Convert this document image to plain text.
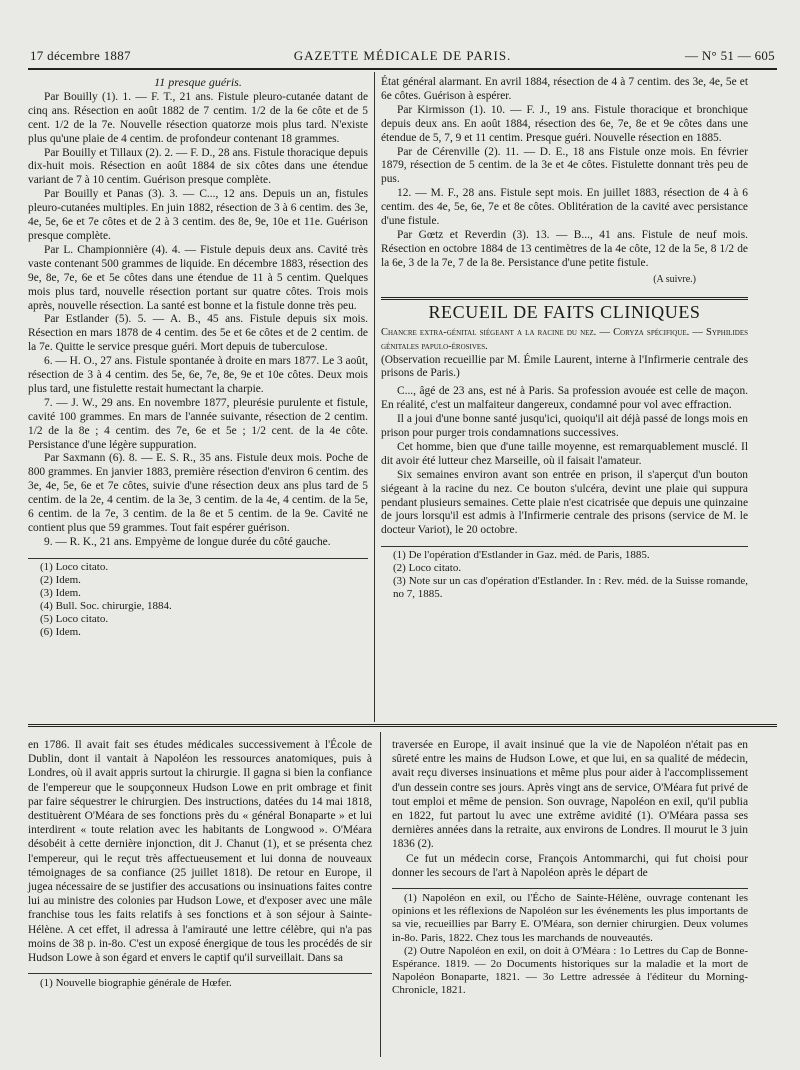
17 décembre 1887	GAZETTE MÉDICALE DE PARIS.	— N° 51 — 605
11 presque guéris.

Par Bouilly (1). 1. — F. T., 21 ans. Fistule pleuro-cutanée datant de cinq ans. Résection en août 1882 de 7 centim. 1/2 de la 6e côte et de 5 cent. 1/2 de la 7e. Nouvelle résection quatorze mois plus tard. N'existe plus qu'une plaie de 4 centim. de profondeur contenant 18 grammes.

Par Bouilly et Tillaux (2). 2. — F. D., 28 ans. Fistule thoracique depuis dix-huit mois. Résection en août 1884 de six côtes dans une étendue variant de 7 à 10 centim. Guérison presque complète.

Par Bouilly et Panas (3). 3. — C..., 12 ans. Depuis un an, fistules pleuro-cutanées multiples. En juin 1882, résection de 3 à 6 centim. des 3e, 4e, 5e, 6e et 7e côtes et de 2 à 3 centim. des 8e, 9e, 10e et 11e. Guérison presque complète.

Par L. Championnière (4). 4. — Fistule depuis deux ans. Cavité très vaste contenant 500 grammes de liquide. En décembre 1883, résection des 9e, 8e, 7e, 6e et 5e côtes dans une étendue de 11 à 5 centim. Quelques mois plus tard, nouvelle résection portant sur quatre côtes. Trois mois après, nouvelle résection. La santé est bonne et la fistule donne très peu.

Par Estlander (5). 5. — A. B., 45 ans. Fistule depuis six mois. Résection en mars 1878 de 4 centim. des 5e et 6e côtes et de 2 centim. de la 7e. Quitte le service presque guéri. Mort depuis de tuberculose.

6. — H. O., 27 ans. Fistule spontanée à droite en mars 1877. Le 3 août, résection de 3 à 4 centim. des 5e, 6e, 7e, 8e, 9e et 10e côtes. Deux mois plus tard, une fistulette restait humectant la charpie.

7. — J. W., 29 ans. En novembre 1877, pleurésie purulente et fistule, cavité 100 grammes. En mars de l'année suivante, résection de 2 centim. 1/2 de la 8e ; 4 centim. des 7e, 6e et 5e ; 1/2 cent. de la 4e côte. Persistance d'une légère suppuration.

Par Saxmann (6). 8. — E. S. R., 35 ans. Fistule deux mois. Poche de 800 grammes. En janvier 1883, première résection d'environ 6 centim. des 3e, 4e, 5e, 6e et 7e côtes, suivie d'une résection deux ans plus tard de 5 centim. de la 2e, 4 centim. de la 3e, 3 centim. de la 4e, 4 centim. de la 5e, 6 centim. de la 7e, 3 centim. de la 8e et 5 centim. de la 9e. Cavité ne contient plus que 59 grammes. Tout fait espérer guérison.

9. — R. K., 21 ans. Empyème de longue durée du côté gauche.

(1) Loco citato.
(2) Idem.
(3) Idem.
(4) Bull. Soc. chirurgie, 1884.
(5) Loco citato.
(6) Idem.

État général alarmant. En avril 1884, résection de 4 à 7 centim. des 3e, 4e, 5e et 6e côtes. Guérison à espérer.

Par Kirmisson (1). 10. — F. J., 19 ans. Fistule thoracique et bronchique depuis deux ans. En août 1884, résection des 6e, 7e, 8e et 9e côtes dans une étendue de 5, 7, 9 et 11 centim. Presque guéri. Nouvelle résection en 1885.

Par de Cérenville (2). 11. — D. E., 18 ans Fistule onze mois. En février 1879, résection de 5 centim. de la 3e et 4e côtes. Fistulette donnant très peu de pus.

12. — M. F., 28 ans. Fistule sept mois. En juillet 1883, résection de 4 à 6 centim. des 4e, 5e, 6e, 7e et 8e côtes. Oblitération de la cavité avec persistance d'une fistule.

Par Gœtz et Reverdin (3). 13. — B..., 41 ans. Fistule de neuf mois. Résection en octobre 1884 de 13 centimètres de la 4e côte, 12 de la 5e, 8 1/2 de la 6e, 3 de la 7e, 7 de la 8e. Persistance d'une petite fistule.

(A suivre.)
RECUEIL DE FAITS CLINIQUES
Chancre extra-génital siégeant a la racine du nez. — Coryza spécifique. — Syphilides génitales papulo-érosives.

(Observation recueillie par M. Émile Laurent, interne à l'Infirmerie centrale des prisons de Paris.)

C..., âgé de 23 ans, est né à Paris. Sa profession avouée est celle de maçon. En réalité, c'est un malfaiteur dangereux, condamné pour vol avec effraction.

Il a joui d'une bonne santé jusqu'ici, quoiqu'il ait déjà passé de longs mois en prison pour purger trois condamnations successives.

Cet homme, bien que d'une taille moyenne, est remarquablement musclé. Il dit avoir été lutteur chez Marseille, où il faisait l'amateur.

Six semaines environ avant son entrée en prison, il s'aperçut d'un bouton siégeant à la racine du nez. Ce bouton s'ulcéra, devint une plaie qui suppura pendant plusieurs semaines. Cette plaie n'est cicatrisée que depuis une quinzaine de jours lorsqu'il est admis à l'Infirmerie centrale des prisons (service de M. le docteur Variot), le 20 octobre.

(1) De l'opération d'Estlander in Gaz. méd. de Paris, 1885.
(2) Loco citato.
(3) Note sur un cas d'opération d'Estlander. In : Rev. méd. de la Suisse romande, no 7, 1885.

en 1786. Il avait fait ses études médicales successivement à l'École de Dublin, dont il vantait à Napoléon les ressources anatomiques, puis à Londres, où il avait appris surtout la chirurgie. Il gagna si bien la confiance de l'empereur que le soupçonneux Hudson Lowe en prit ombrage et finit par faire séquestrer le chirurgien. Des instructions, datées du 14 mai 1818, destituèrent O'Méara de ses fonctions près du « général Bonaparte » et lui interdirent « toute relation avec les habitants de Longwood ». O'Méara désobéit à cette dernière injonction, dit J. Chanut (1), et se présenta chez l'empereur, qui le reçut très affectueusement et lui donna de nouveaux témoignages de sa confiance (25 juillet 1818). De retour en Europe, il jugea nécessaire de se justifier des accusations ou insinuations faites contre lui au ministre des colonies par Hudson Lowe, et d'exposer avec une mâle franchise tous les faits relatifs à ses fonctions et à son séjour à Sainte-Hélène. A cet effet, il adressa à l'amirauté une lettre célèbre, qui n'a pas moins de 38 p. in-8o. C'est un exposé énergique de tous les procédés de sir Hudson Lowe à son égard et envers le captif qu'il surveillait. Dans sa

(1) Nouvelle biographie générale de Hœfer.

traversée en Europe, il avait insinué que la vie de Napoléon n'était pas en sûreté entre les mains de Hudson Lowe, et que lui, en sa qualité de médecin, avait reçu diverses insinuations et même plus pour aider à l'accomplissement d'un dessein contre ses jours. Après vingt ans de service, O'Méara fut privé de tout emploi et même de pension. Son ouvrage, Napoléon en exil, qu'il publia en 1822, fut partout lu avec une extrême avidité (1). O'Méara passa ses dernières années dans la retraite, aux environs de Londres. Il mourut le 3 juin 1836 (2).

Ce fut un médecin corse, François Antommarchi, qui fut choisi pour donner les secours de l'art à Napoléon après le départ de

(1) Napoléon en exil, ou l'Écho de Sainte-Hélène, ouvrage contenant les opinions et les réflexions de Napoléon sur les événements les plus importants de sa vie, recueillies par Barry E. O'Méara, son dernier chirurgien. Deux volumes in-8o. Paris, 1822. Chez tous les marchands de nouveautés.
(2) Outre Napoléon en exil, on doit à O'Méara : 1o Lettres du Cap de Bonne-Espérance. 1819. — 2o Documents historiques sur la maladie et la mort de Napoléon Bonaparte, 1821. — 3o Lettre adressée à l'éditeur du Morning-Chronicle, 1821.
